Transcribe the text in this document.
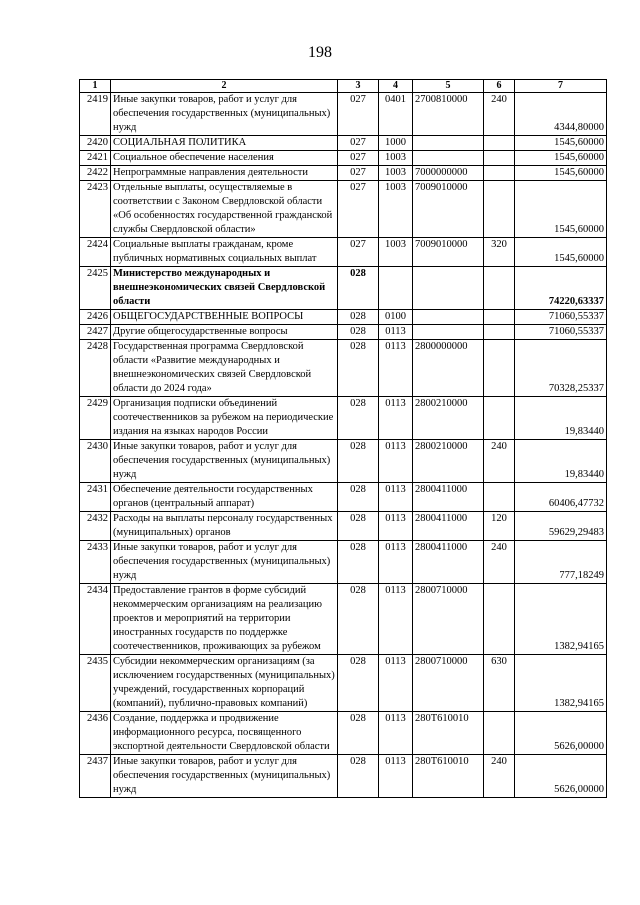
198
1	2	3	4	5	6	7
2419	Иные закупки товаров, работ и услуг для обеспечения государственных (муниципальных) нужд	027	0401	2700810000	240	4344,80000
2420	СОЦИАЛЬНАЯ ПОЛИТИКА	027	1000			1545,60000
2421	Социальное обеспечение населения	027	1003			1545,60000
2422	Непрограммные направления деятельности	027	1003	7000000000		1545,60000
2423	Отдельные выплаты, осуществляемые в соответствии с Законом Свердловской области «Об особенностях государственной гражданской службы Свердловской области»	027	1003	7009010000		1545,60000
2424	Социальные выплаты гражданам, кроме публичных нормативных социальных выплат	027	1003	7009010000	320	1545,60000
2425	Министерство международных и внешнеэкономических связей Свердловской области	028				74220,63337
2426	ОБЩЕГОСУДАРСТВЕННЫЕ ВОПРОСЫ	028	0100			71060,55337
2427	Другие общегосударственные вопросы	028	0113			71060,55337
2428	Государственная программа Свердловской области «Развитие международных и внешнеэкономических связей Свердловской области до 2024 года»	028	0113	2800000000		70328,25337
2429	Организация подписки объединений соотечественников за рубежом на периодические издания на языках народов России	028	0113	2800210000		19,83440
2430	Иные закупки товаров, работ и услуг для обеспечения государственных (муниципальных) нужд	028	0113	2800210000	240	19,83440
2431	Обеспечение деятельности государственных органов (центральный аппарат)	028	0113	2800411000		60406,47732
2432	Расходы на выплаты персоналу государственных (муниципальных) органов	028	0113	2800411000	120	59629,29483
2433	Иные закупки товаров, работ и услуг для обеспечения государственных (муниципальных) нужд	028	0113	2800411000	240	777,18249
2434	Предоставление грантов в форме субсидий некоммерческим организациям на реализацию проектов и мероприятий на территории иностранных государств по поддержке соотечественников, проживающих за рубежом	028	0113	2800710000		1382,94165
2435	Субсидии некоммерческим организациям (за исключением государственных (муниципальных) учреждений, государственных корпораций (компаний), публично-правовых компаний)	028	0113	2800710000	630	1382,94165
2436	Создание, поддержка и продвижение информационного ресурса, посвященного экспортной деятельности Свердловской области	028	0113	280Т610010		5626,00000
2437	Иные закупки товаров, работ и услуг для обеспечения государственных (муниципальных) нужд	028	0113	280Т610010	240	5626,00000
